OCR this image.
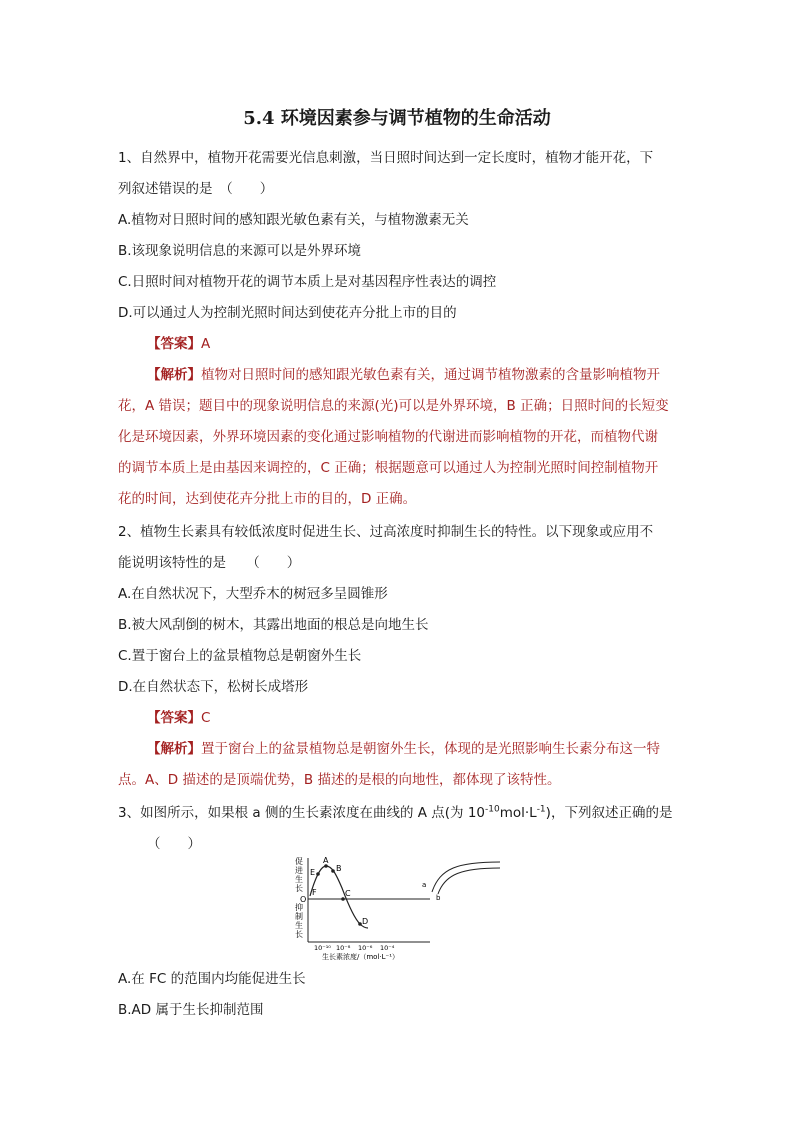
5.4 环境因素参与调节植物的生命活动
1、自然界中，植物开花需要光信息刺激，当日照时间达到一定长度时，植物才能开花，下
列叙述错误的是　（　　）
A.植物对日照时间的感知跟光敏色素有关，与植物激素无关
B.该现象说明信息的来源可以是外界环境
C.日照时间对植物开花的调节本质上是对基因程序性表达的调控
D.可以通过人为控制光照时间达到使花卉分批上市的目的
【答案】A
【解析】植物对日照时间的感知跟光敏色素有关，通过调节植物激素的含量影响植物开
花，A 错误；题目中的现象说明信息的来源(光)可以是外界环境，B 正确；日照时间的长短变
化是环境因素，外界环境因素的变化通过影响植物的代谢进而影响植物的开花，而植物代谢
的调节本质上是由基因来调控的，C 正确；根据题意可以通过人为控制光照时间控制植物开
花的时间，达到使花卉分批上市的目的，D 正确。
2、植物生长素具有较低浓度时促进生长、过高浓度时抑制生长的特性。以下现象或应用不
能说明该特性的是　　（　　）
A.在自然状况下，大型乔木的树冠多呈圆锥形
B.被大风刮倒的树木，其露出地面的根总是向地生长
C.置于窗台上的盆景植物总是朝窗外生长
D.在自然状态下，松树长成塔形
【答案】C
【解析】置于窗台上的盆景植物总是朝窗外生长，体现的是光照影响生长素分布这一特
点。A、D 描述的是顶端优势，B 描述的是根的向地性，都体现了该特性。
3、如图所示，如果根 a 侧的生长素浓度在曲线的 A 点(为 $10^{-10}mol\cdot L^{-1}$)，下列叙述正确的是
（　　）
促进生长
抑制生长
A
B
C
D
E
F
O
10⁻¹⁰ 10⁻⁸ 10⁻⁶ 10⁻⁴
生长素浓度/（mol·L⁻¹）
a
b
A.在 FC 的范围内均能促进生长
B.AD 属于生长抑制范围
